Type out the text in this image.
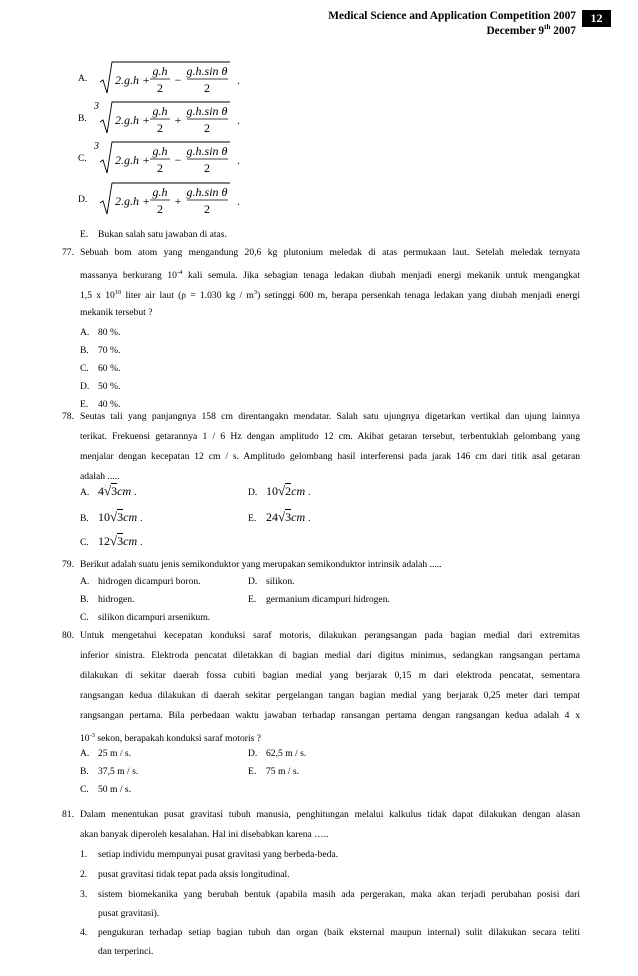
Medical Science and Application Competition 2007
December 9th 2007
12
A. 2.g.h +
g.h
2
−
g.h.sin θ
2
.
B.
3
2.g.h +
g.h
2
+
g.h.sin θ
2
.
C.
3
2.g.h +
g.h
2
−
g.h.sin θ
2
.
D. 2.g.h +
g.h
2
+
g.h.sin θ
2
.
E. Bukan salah satu jawaban di atas.
77. Sebuah bom atom yang mengandung 20,6 kg plutonium meledak di atas permukaan laut. Setelah meledak ternyata
massanya berkurang $10^{-4}$ kali semula. Jika sebagian tenaga ledakan diubah menjadi energi mekanik untuk mengangkat
1,5 x $10^{10}$ liter air laut (ρ = 1.030 kg / $m^3$) setinggi 600 m, berapa persenkah tenaga ledakan yang diubah menjadi energi
mekanik tersebut ?
A. 80 %.
B. 70 %.
C. 60 %.
D. 50 %.
E. 40 %.
78. Seutas tali yang panjangnya 158 cm direntangakn mendatar. Salah satu ujungnya digetarkan vertikal dan ujung lainnya
terikat. Frekuensi getarannya 1 / 6 Hz dengan amplitudo 12 cm. Akibat getaran tersebut, terbentuklah gelombang yang
menjalar dengan kecepatan 12 cm / s. Amplitudo gelombang hasil interferensi pada jarak 146 cm dari titik asal getaran
adalah .....
A. 4√3cm .	D. 10√2cm .
B. 10√3cm .	E. 24√3cm .
C. 12√3cm .
79. Berikut adalah suatu jenis semikonduktor yang merupakan semikonduktor intrinsik adalah .....
A. hidrogen dicampuri boron.	D. silikon.
B. hidrogen.	E. germanium dicampuri hidrogen.
C. silikon dicampuri arsenikum.
80. Untuk mengetahui kecepatan konduksi saraf motoris, dilakukan perangsangan pada bagian medial dari extremitas
inferior sinistra. Elektroda pencatat diletakkan di bagian medial dari digitus minimus, sedangkan rangsangan pertama
dilakukan di sekitar daerah fossa cubiti bagian medial yang berjarak 0,15 m dari elektroda pencatat, sementara
rangsangan kedua dilakukan di daerah sekitar pergelangan tangan bagian medial yang berjarak 0,25 meter dari tempat
rangsangan pertama. Bila perbedaan waktu jawaban terhadap ransangan pertama dengan rangsangan kedua adalah 4 x
$10^{-3}$ sekon, berapakah konduksi saraf motoris ?
A. 25 m / s.	D. 62,5 m / s.
B. 37,5 m / s.	E. 75 m / s.
C. 50 m / s.
81. Dalam menentukan pusat gravitasi tubuh manusia, penghitungan melalui kalkulus tidak dapat dilakukan dengan alasan
akan banyak diperoleh kesalahan. Hal ini disebabkan karena …..
1. setiap individu mempunyai pusat gravitasi yang berbeda-beda.
2. pusat gravitasi tidak tepat pada aksis longitudinal.
3. sistem biomekanika yang berubah bentuk (apabila masih ada pergerakan, maka akan terjadi perubahan posisi dari
pusat gravitasi).
4. pengukuran terhadap setiap bagian tubuh dan organ (baik eksternal maupun internal) sulit dilakukan secara teliti
dan terperinci.
